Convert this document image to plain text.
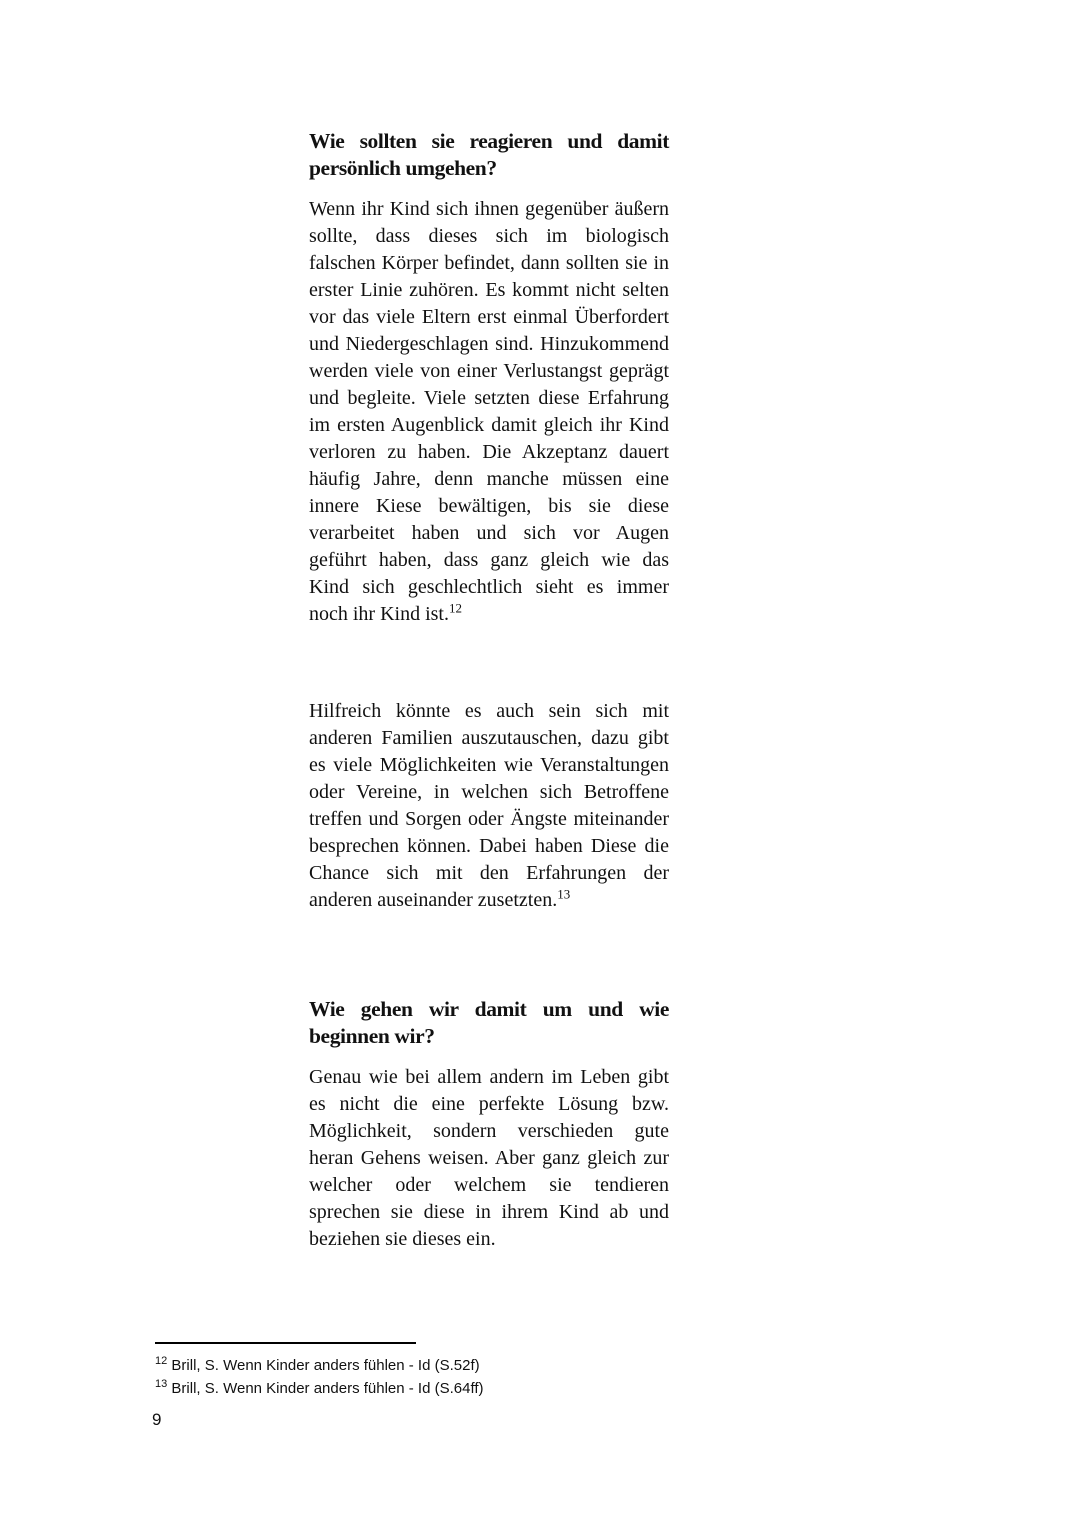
Wie sollten sie reagieren und damit
persönlich umgehen?

Wenn ihr Kind sich ihnen gegenüber äußern sollte, dass dieses sich im biologisch falschen Körper befindet, dann sollten sie in erster Linie zuhören. Es kommt nicht selten vor das viele Eltern erst einmal Überfordert und Niedergeschlagen sind. Hinzukommend werden viele von einer Verlustangst geprägt und begleite. Viele setzten diese Erfahrung im ersten Augenblick damit gleich ihr Kind verloren zu haben. Die Akzeptanz dauert häufig Jahre, denn manche müssen eine innere Kiese bewältigen, bis sie diese verarbeitet haben und sich vor Augen geführt haben, dass ganz gleich wie das Kind sich geschlechtlich sieht es immer noch ihr Kind ist.$^{12}$

Hilfreich könnte es auch sein sich mit anderen Familien auszutauschen, dazu gibt es viele Möglichkeiten wie Veranstaltungen oder Vereine, in welchen sich Betroffene treffen und Sorgen oder Ängste miteinander besprechen können. Dabei haben Diese die Chance sich mit den Erfahrungen der anderen auseinander zusetzten.$^{13}$

Wie gehen wir damit um und wie
beginnen wir?

Genau wie bei allem andern im Leben gibt es nicht die eine perfekte Lösung bzw. Möglichkeit, sondern verschieden gute heran Gehens weisen. Aber ganz gleich zur welcher oder welchem sie tendieren sprechen sie diese in ihrem Kind ab und beziehen sie dieses ein.

$^{12}$ Brill, S. Wenn Kinder anders fühlen - Id (S.52f)
$^{13}$ Brill, S. Wenn Kinder anders fühlen - Id (S.64ff)
9
